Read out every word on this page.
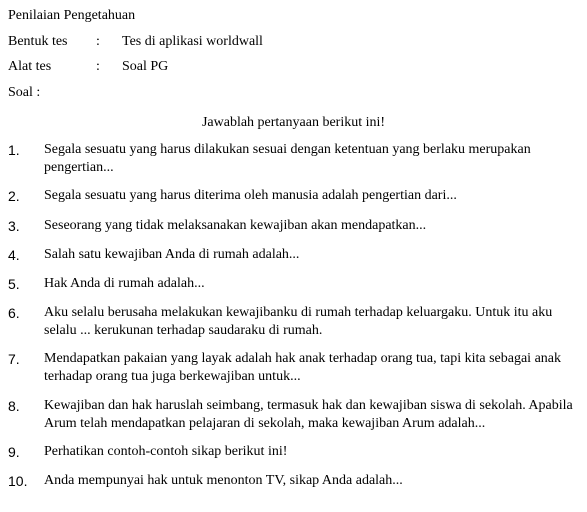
Penilaian Pengetahuan
Bentuk tes : Tes di aplikasi worldwall
Alat tes	: Soal PG
Soal :
Jawablah pertanyaan berikut ini!
1. Segala sesuatu yang harus dilakukan sesuai dengan ketentuan yang berlaku merupakan pengertian...
2. Segala sesuatu yang harus diterima oleh manusia adalah pengertian dari...
3. Seseorang yang tidak melaksanakan kewajiban akan mendapatkan...
4. Salah satu kewajiban Anda di rumah adalah...
5. Hak Anda di rumah adalah...
6. Aku selalu berusaha melakukan kewajibanku di rumah terhadap keluargaku. Untuk itu aku selalu ... kerukunan terhadap saudaraku di rumah.
7. Mendapatkan pakaian yang layak adalah hak anak terhadap orang tua, tapi kita sebagai anak terhadap orang tua juga berkewajiban untuk...
8. Kewajiban dan hak haruslah seimbang, termasuk hak dan kewajiban siswa di sekolah. Apabila Arum telah mendapatkan pelajaran di sekolah, maka kewajiban Arum adalah...
9. Perhatikan contoh-contoh sikap berikut ini!
10. Anda mempunyai hak untuk menonton TV, sikap Anda adalah...
